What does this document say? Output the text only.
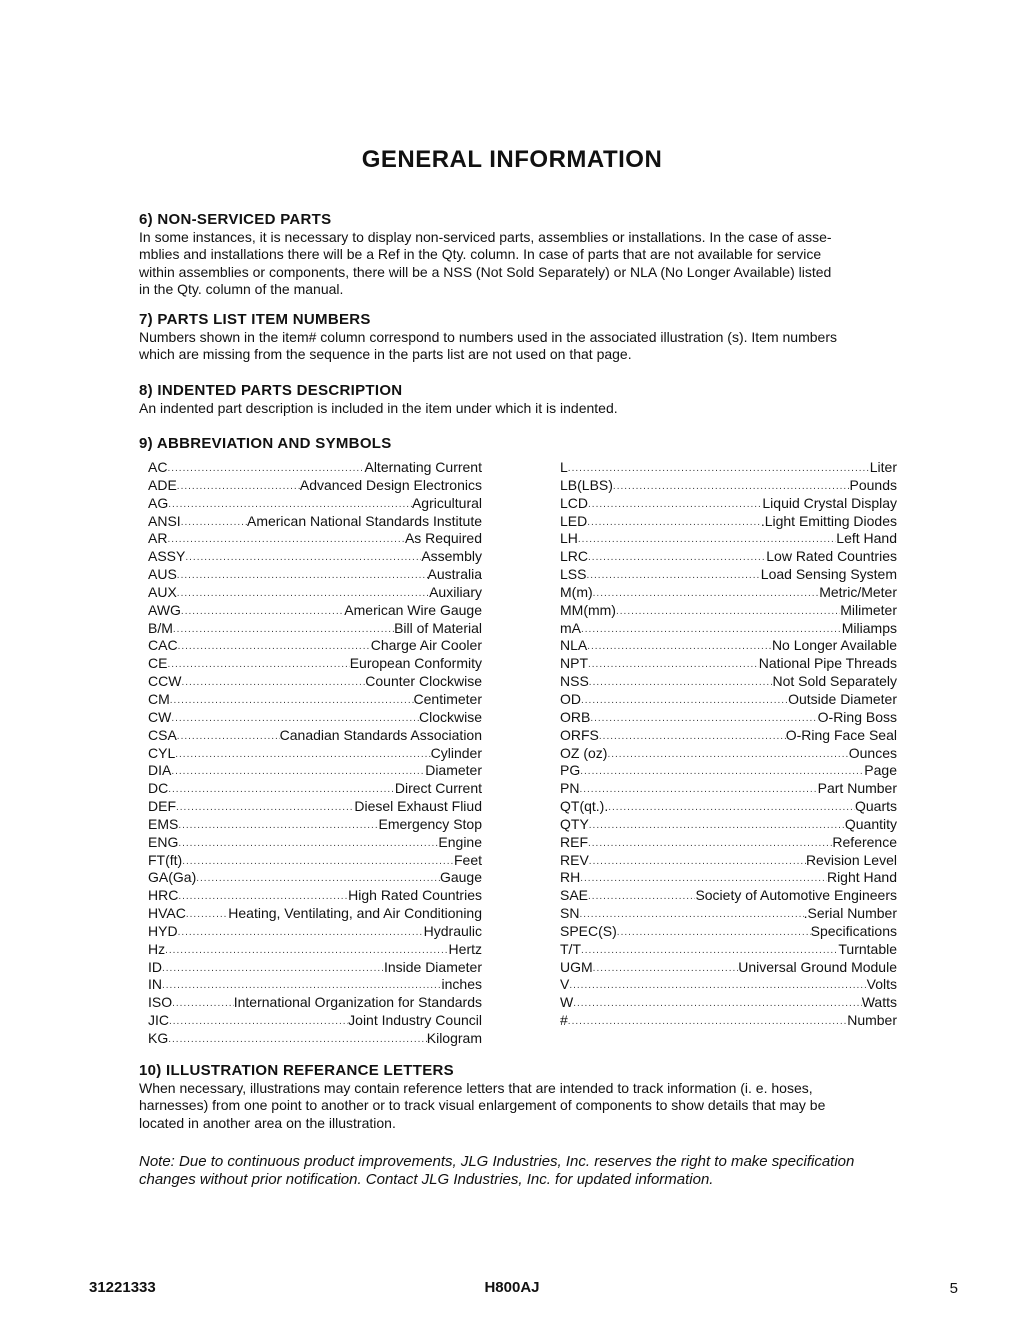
GENERAL INFORMATION
6) NON-SERVICED PARTS
In some instances, it is necessary to display non-serviced parts, assemblies or installations. In the case of asse-
mblies and installations there will be a Ref in the Qty. column. In case of parts that are not available for service
within assemblies or components, there will be a NSS (Not Sold Separately) or NLA (No Longer Available) listed
in the Qty. column of the manual.
7) PARTS LIST ITEM NUMBERS
Numbers shown in the item# column correspond to numbers used in the associated illustration (s). Item numbers
which are missing from the sequence in the parts list are not used on that page.
8) INDENTED PARTS DESCRIPTION
An indented part description is included in the item under which it is indented.
9) ABBREVIATION AND SYMBOLS
AC .....	Alternating Current
ADE .....	Advanced Design Electronics
AG .....	Agricultural
ANSI .....	American National Standards Institute
AR .....	As Required
ASSY .....	Assembly
AUS .....	Australia
AUX .....	Auxiliary
AWG .....	American Wire Gauge
B/M .....	Bill of Material
CAC .....	Charge Air Cooler
CE .....	European Conformity
CCW .....	Counter Clockwise
CM .....	Centimeter
CW .....	Clockwise
CSA .....	Canadian Standards Association
CYL .....	Cylinder
DIA .....	Diameter
DC .....	Direct Current
DEF .....	Diesel Exhaust Fliud
EMS .....	Emergency Stop
ENG .....	Engine
FT(ft) .....	Feet
GA(Ga) .....	Gauge
HRC .....	High Rated Countries
HVAC .....	Heating, Ventilating, and Air Conditioning
HYD .....	Hydraulic
Hz .....	Hertz
ID .....	Inside Diameter
IN .....	inches
ISO .....	International Organization for Standards
JIC .....	Joint Industry Council
KG .....	Kilogram
L .....	Liter
LB(LBS) .....	Pounds
LCD .....	Liquid Crystal Display
LED .....	.Light Emitting Diodes
LH .....	Left Hand
LRC .....	Low Rated Countries
LSS .....	Load Sensing System
M(m) .....	Metric/Meter
MM(mm) .....	Milimeter
mA .....	Miliamps
NLA .....	No Longer Available
NPT .....	National Pipe Threads
NSS .....	Not Sold Separately
OD .....	Outside Diameter
ORB .....	O-Ring Boss
ORFS .....	O-Ring Face Seal
OZ (oz) .....	Ounces
PG .....	Page
PN .....	Part Number
QT(qt.). .....	Quarts
QTY .....	Quantity
REF .....	Reference
REV .....	Revision Level
RH .....	Right Hand
SAE .....	Society of Automotive Engineers
SN .....	.Serial Number
SPEC(S) .....	Specifications
T/T .....	Turntable
UGM .....	Universal Ground Module
V .....	Volts
W .....	Watts
# .....	Number
10) ILLUSTRATION REFERANCE LETTERS
When necessary, illustrations may contain reference letters that are intended to track information (i. e. hoses,
harnesses) from one point to another or to track visual enlargement of components to show details that may be
located in another area on the illustration.
Note: Due to continuous product improvements, JLG Industries, Inc. reserves the right to make specification
changes without prior notification. Contact JLG Industries, Inc. for updated information.
31221333	H800AJ	5
